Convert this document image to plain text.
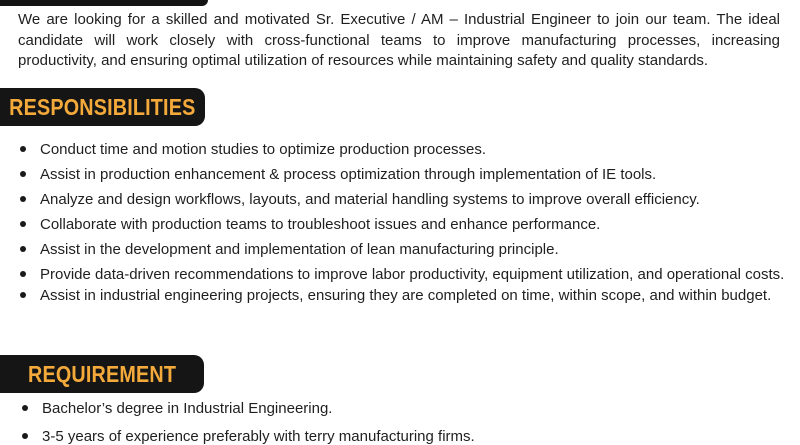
We are looking for a skilled and motivated Sr. Executive / AM – Industrial Engineer to join our team. The ideal candidate will work closely with cross-functional teams to improve manufacturing processes, increasing productivity, and ensuring optimal utilization of resources while maintaining safety and quality standards.

RESPONSIBILITIES
Conduct time and motion studies to optimize production processes.
Assist in production enhancement & process optimization through implementation of IE tools.
Analyze and design workflows, layouts, and material handling systems to improve overall efficiency.
Collaborate with production teams to troubleshoot issues and enhance performance.
Assist in the development and implementation of lean manufacturing principle.
Provide data-driven recommendations to improve labor productivity, equipment utilization, and operational costs.
Assist in industrial engineering projects, ensuring they are completed on time, within scope, and within budget.
REQUIREMENT
Bachelor’s degree in Industrial Engineering.
3-5 years of experience preferably with terry manufacturing firms.
